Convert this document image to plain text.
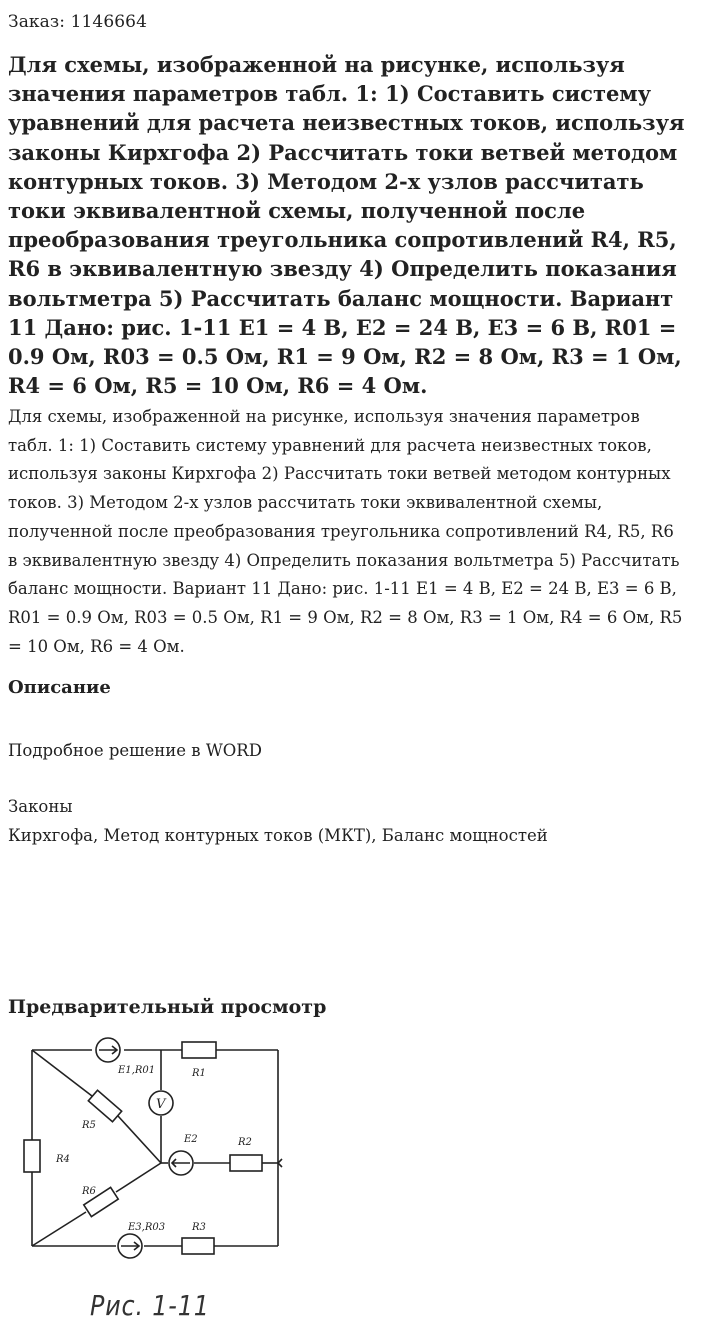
Заказ: 1146664
Для схемы, изображенной на рисунке, используя значения параметров табл. 1: 1) Составить систему уравнений для расчета неизвестных токов, используя законы Кирхгофа 2) Рассчитать токи ветвей методом контурных токов. 3) Методом 2-х узлов рассчитать токи эквивалентной схемы, полученной после преобразования треугольника сопротивлений R4, R5, R6 в эквивалентную звезду 4) Определить показания вольтметра 5) Рассчитать баланс мощности. Вариант 11 Дано: рис. 1-11 E1 = 4 В, E2 = 24 В, E3 = 6 В, R01 = 0.9 Ом, R03 = 0.5 Ом, R1 = 9 Ом, R2 = 8 Ом, R3 = 1 Ом, R4 = 6 Ом, R5 = 10 Ом, R6 = 4 Ом.

Для схемы, изображенной на рисунке, используя значения параметров табл. 1: 1) Составить систему уравнений для расчета неизвестных токов, используя законы Кирхгофа 2) Рассчитать токи ветвей методом контурных токов. 3) Методом 2-х узлов рассчитать токи эквивалентной схемы, полученной после преобразования треугольника сопротивлений R4, R5, R6 в эквивалентную звезду 4) Определить показания вольтметра 5) Рассчитать баланс мощности. Вариант 11 Дано: рис. 1-11 E1 = 4 В, E2 = 24 В, E3 = 6 В, R01 = 0.9 Ом, R03 = 0.5 Ом, R1 = 9 Ом, R2 = 8 Ом, R3 = 1 Ом, R4 = 6 Ом, R5 = 10 Ом, R6 = 4 Ом.

Описание
Подробное решение в WORD
Законы
Кирхгофа, Метод контурных токов (МКТ), Баланс мощностей
Предварительный просмотр
V
E1,R01	R1
R5
E2	R2
R4
R6
E3,R03	R3
Рис. 1-11
